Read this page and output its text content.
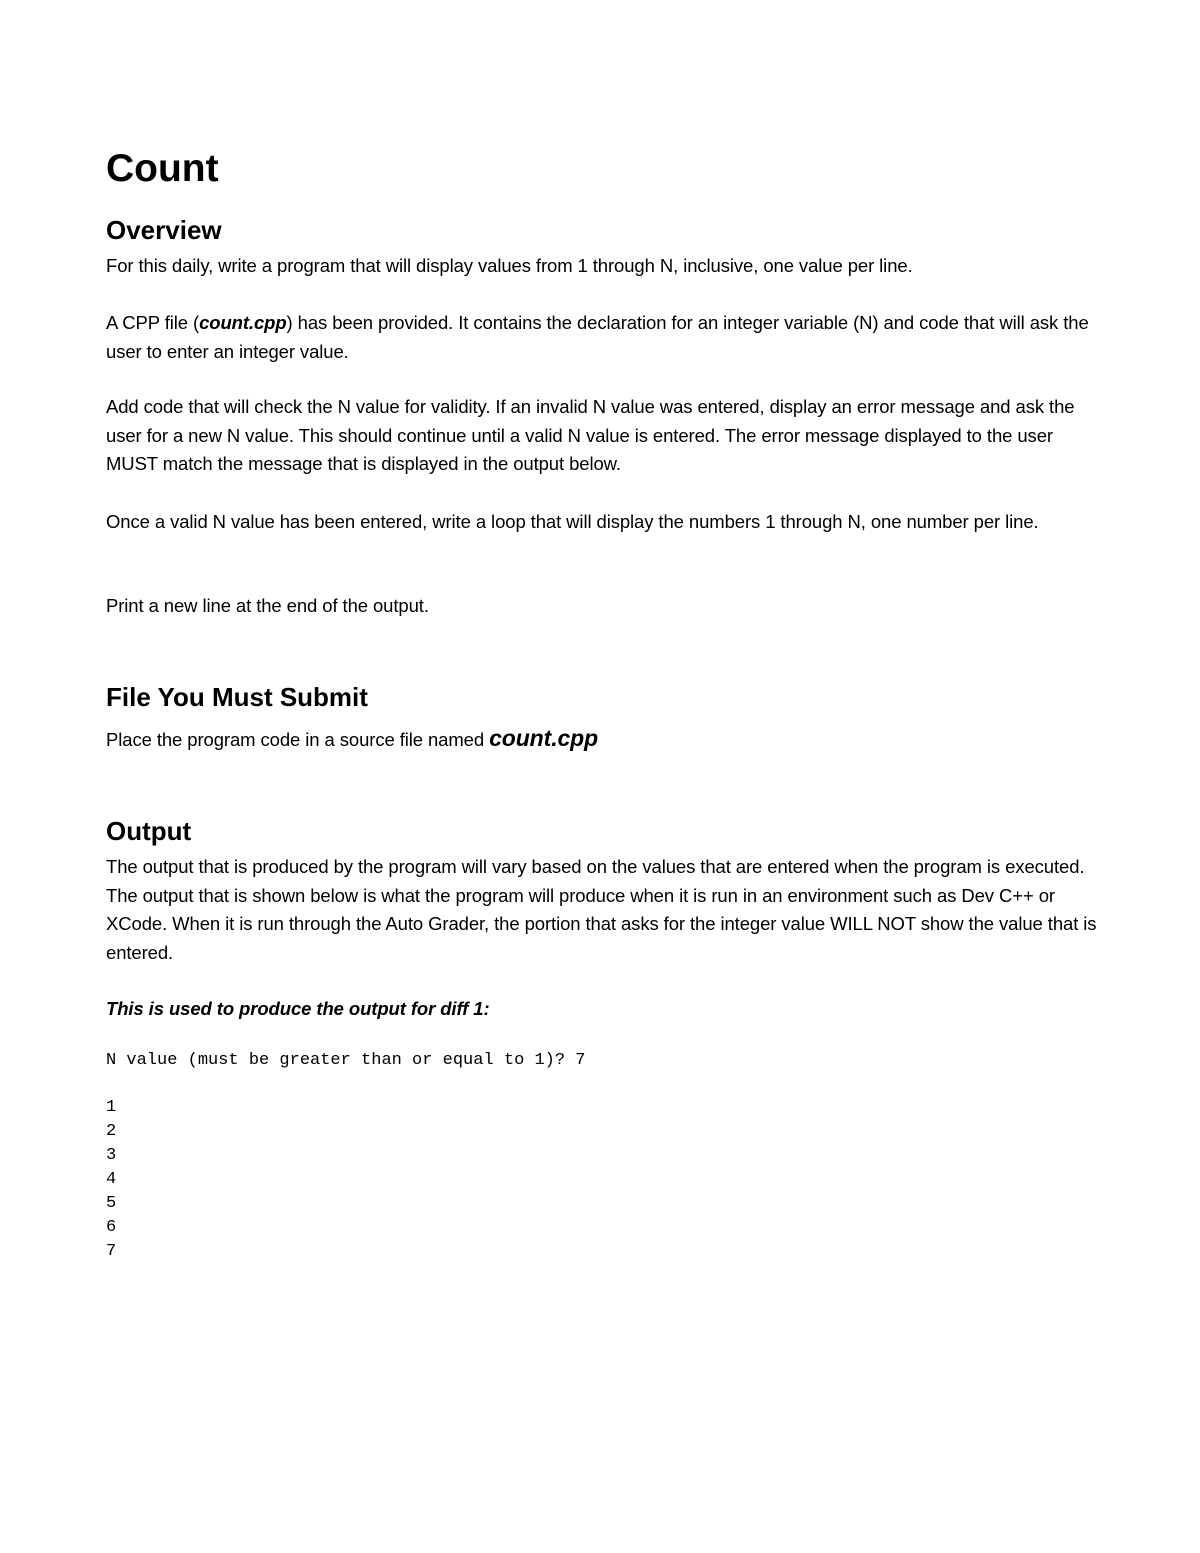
Count
Overview

For this daily, write a program that will display values from 1 through N, inclusive, one value per line.

A CPP file (count.cpp) has been provided. It contains the declaration for an integer variable (N) and code that will ask the user to enter an integer value.

Add code that will check the N value for validity. If an invalid N value was entered, display an error message and ask the user for a new N value. This should continue until a valid N value is entered. The error message displayed to the user MUST match the message that is displayed in the output below.

Once a valid N value has been entered, write a loop that will display the numbers 1 through N, one number per line.

Print a new line at the end of the output.

File You Must Submit

Place the program code in a source file named count.cpp

Output

The output that is produced by the program will vary based on the values that are entered when the program is executed. The output that is shown below is what the program will produce when it is run in an environment such as Dev C++ or XCode. When it is run through the Auto Grader, the portion that asks for the integer value WILL NOT show the value that is entered.

This is used to produce the output for diff 1:

N value (must be greater than or equal to 1)? 7

1
2
3
4
5
6
7
